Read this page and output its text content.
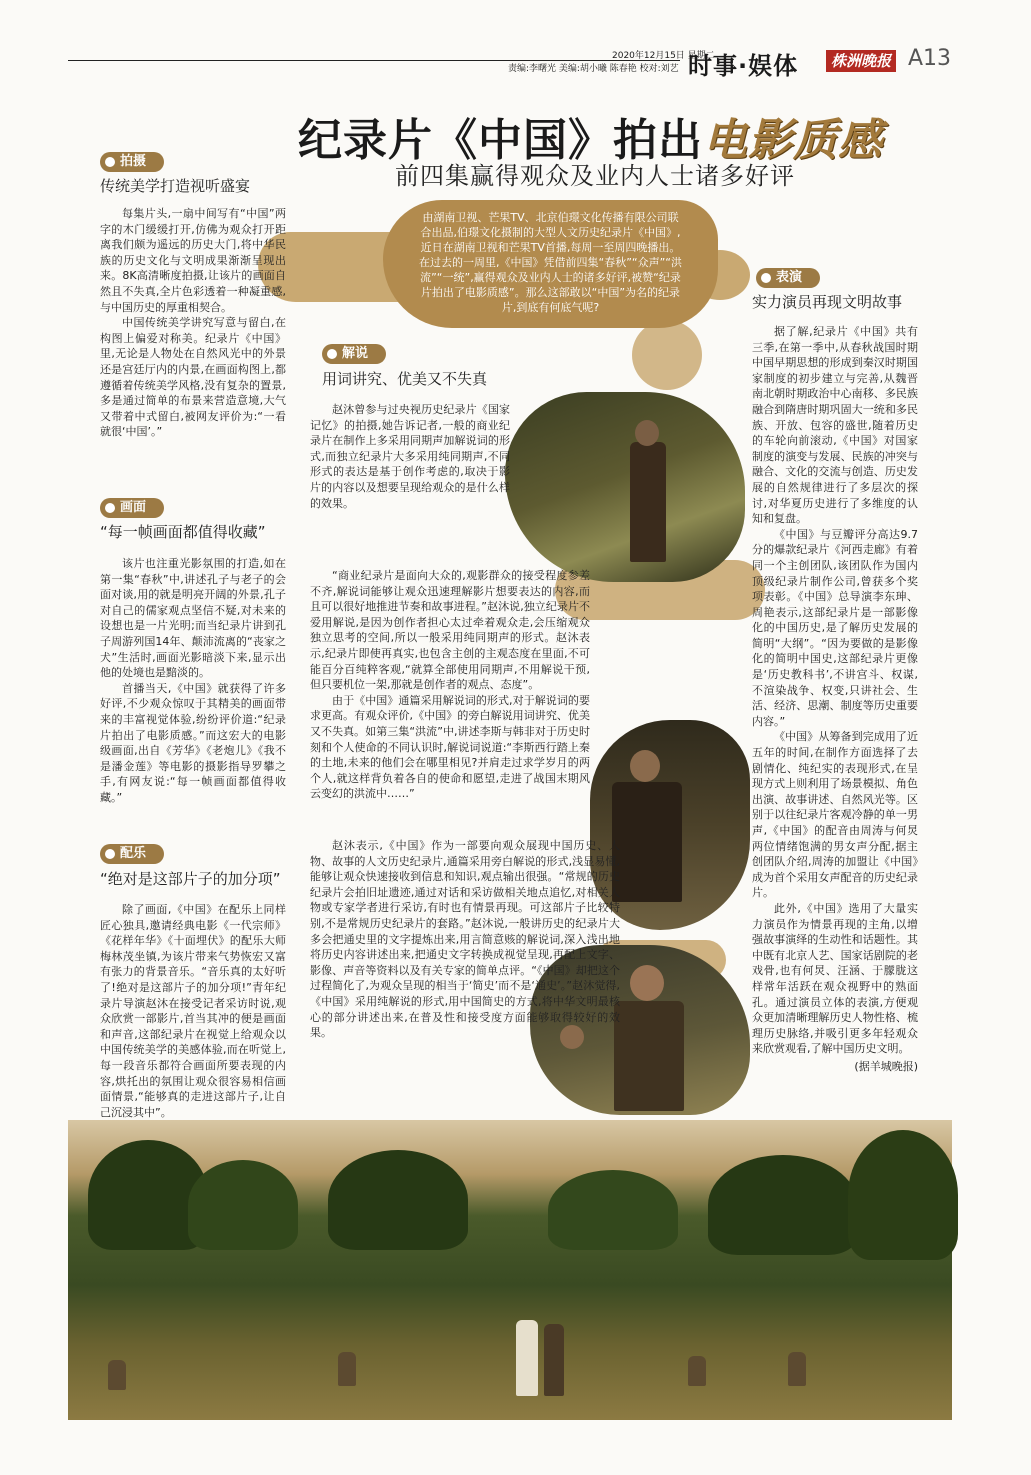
2020年12月15日 星期二
责编:李曙光 美编:胡小曦 陈春艳 校对:刘艺 时事·娱体	株洲晚报 A13
纪录片《中国》拍出电影质感
前四集赢得观众及业内人士诸多好评
由湖南卫视、芒果TV、北京伯璟文化传播有限公司联合出品,伯璟文化摄制的大型人文历史纪录片《中国》,近日在湖南卫视和芒果TV首播,每周一至周四晚播出。在过去的一周里,《中国》凭借前四集“春秋”“众声”“洪流”“一统”,赢得观众及业内人士的诸多好评,被赞“纪录片拍出了电影质感”。那么这部敢以“中国”为名的纪录片,到底有何底气呢?
拍摄
传统美学打造视听盛宴

每集片头,一扇中间写有“中国”两字的木门缓缓打开,仿佛为观众打开距离我们颇为遥远的历史大门,将中华民族的历史文化与文明成果渐渐呈现出来。8K高清晰度拍摄,让该片的画面自然且不失真,全片色彩透着一种凝重感,与中国历史的厚重相契合。

中国传统美学讲究写意与留白,在构图上偏爱对称美。纪录片《中国》里,无论是人物处在自然风光中的外景还是宫廷厅内的内景,在画面构图上,都遵循着传统美学风格,没有复杂的置景,多是通过简单的布景来营造意境,大气又带着中式留白,被网友评价为:“一看就很‘中国’。”

画面
“每一帧画面都值得收藏”

该片也注重光影氛围的打造,如在第一集“春秋”中,讲述孔子与老子的会面对谈,用的就是明亮开阔的外景,孔子对自己的儒家观点坚信不疑,对未来的设想也是一片光明;而当纪录片讲到孔子周游列国14年、颠沛流离的“丧家之犬”生活时,画面光影暗淡下来,显示出他的处境也是黯淡的。

首播当天,《中国》就获得了许多好评,不少观众惊叹于其精美的画面带来的丰富视觉体验,纷纷评价道:“纪录片拍出了电影质感。”而这宏大的电影级画面,出自《芳华》《老炮儿》《我不是潘金莲》等电影的摄影指导罗攀之手,有网友说:“每一帧画面都值得收藏。”

配乐
“绝对是这部片子的加分项”

除了画面,《中国》在配乐上同样匠心独具,邀请经典电影《一代宗师》《花样年华》《十面埋伏》的配乐大师梅林茂坐镇,为该片带来气势恢宏又富有张力的背景音乐。“音乐真的太好听了!绝对是这部片子的加分项!”青年纪录片导演赵沐在接受记者采访时说,观众欣赏一部影片,首当其冲的便是画面和声音,这部纪录片在视觉上给观众以中国传统美学的美感体验,而在听觉上,每一段音乐都符合画面所要表现的内容,烘托出的氛围让观众很容易相信画面情景,“能够真的走进这部片子,让自己沉浸其中”。

解说
用词讲究、优美又不失真

赵沐曾参与过央视历史纪录片《国家记忆》的拍摄,她告诉记者,一般的商业纪录片在制作上多采用同期声加解说词的形式,而独立纪录片大多采用纯同期声,不同形式的表达是基于创作考虑的,取决于影片的内容以及想要呈现给观众的是什么样的效果。

“商业纪录片是面向大众的,观影群众的接受程度参差不齐,解说词能够让观众迅速理解影片想要表达的内容,而且可以很好地推进节奏和故事进程。”赵沐说,独立纪录片不爱用解说,是因为创作者担心太过牵着观众走,会压缩观众独立思考的空间,所以一般采用纯同期声的形式。赵沐表示,纪录片即使再真实,也包含主创的主观态度在里面,不可能百分百纯粹客观,“就算全部使用同期声,不用解说干预,但只要机位一架,那就是创作者的观点、态度”。

由于《中国》通篇采用解说词的形式,对于解说词的要求更高。有观众评价,《中国》的旁白解说用词讲究、优美又不失真。如第三集“洪流”中,讲述李斯与韩非对于历史时刻和个人使命的不同认识时,解说词说道:“李斯西行踏上秦的土地,未来的他们会在哪里相见?并肩走过求学岁月的两个人,就这样背负着各自的使命和愿望,走进了战国末期风云变幻的洪流中……”

赵沐表示,《中国》作为一部要向观众展现中国历史、人物、故事的人文历史纪录片,通篇采用旁白解说的形式,浅显易懂,能够让观众快速接收到信息和知识,观点输出很强。“常规的历史纪录片会拍旧址遗迹,通过对话和采访做相关地点追忆,对相关人物或专家学者进行采访,有时也有情景再现。可这部片子比较特别,不是常规历史纪录片的套路。”赵沐说,一般讲历史的纪录片大多会把通史里的文字提炼出来,用言简意赅的解说词,深入浅出地将历史内容讲述出来,把通史文字转换成视觉呈现,再配上文字、影像、声音等资料以及有关专家的简单点评。“《中国》却把这个过程简化了,为观众呈现的相当于‘简史’而不是‘通史’。”赵沐觉得,《中国》采用纯解说的形式,用中国简史的方式,将中华文明最核心的部分讲述出来,在普及性和接受度方面能够取得较好的效果。

表演
实力演员再现文明故事

据了解,纪录片《中国》共有三季,在第一季中,从春秋战国时期中国早期思想的形成到秦汉时期国家制度的初步建立与完善,从魏晋南北朝时期政治中心南移、多民族融合到隋唐时期巩固大一统和多民族、开放、包容的盛世,随着历史的车轮向前滚动,《中国》对国家制度的演变与发展、民族的冲突与融合、文化的交流与创造、历史发展的自然规律进行了多层次的探讨,对华夏历史进行了多维度的认知和复盘。

《中国》与豆瓣评分高达9.7分的爆款纪录片《河西走廊》有着同一个主创团队,该团队作为国内顶级纪录片制作公司,曾获多个奖项表彰。《中国》总导演李东珅、周艳表示,这部纪录片是一部影像化的中国历史,是了解历史发展的简明“大纲”。“因为要做的是影像化的简明中国史,这部纪录片更像是‘历史教科书’,不讲宫斗、权谋,不渲染战争、权变,只讲社会、生活、经济、思潮、制度等历史重要内容。”

《中国》从筹备到完成用了近五年的时间,在制作方面选择了去剧情化、纯纪实的表现形式,在呈现方式上则利用了场景模拟、角色出演、故事讲述、自然风光等。区别于以往纪录片客观冷静的单一男声,《中国》的配音由周涛与何炅两位情绪饱满的男女声分配,据主创团队介绍,周涛的加盟让《中国》成为首个采用女声配音的历史纪录片。

此外,《中国》选用了大量实力演员作为情景再现的主角,以增强故事演绎的生动性和话题性。其中既有北京人艺、国家话剧院的老戏骨,也有何炅、汪涵、于朦胧这样常年活跃在观众视野中的熟面孔。通过演员立体的表演,方便观众更加清晰理解历史人物性格、梳理历史脉络,并吸引更多年轻观众来欣赏观看,了解中国历史文明。

(据羊城晚报)
